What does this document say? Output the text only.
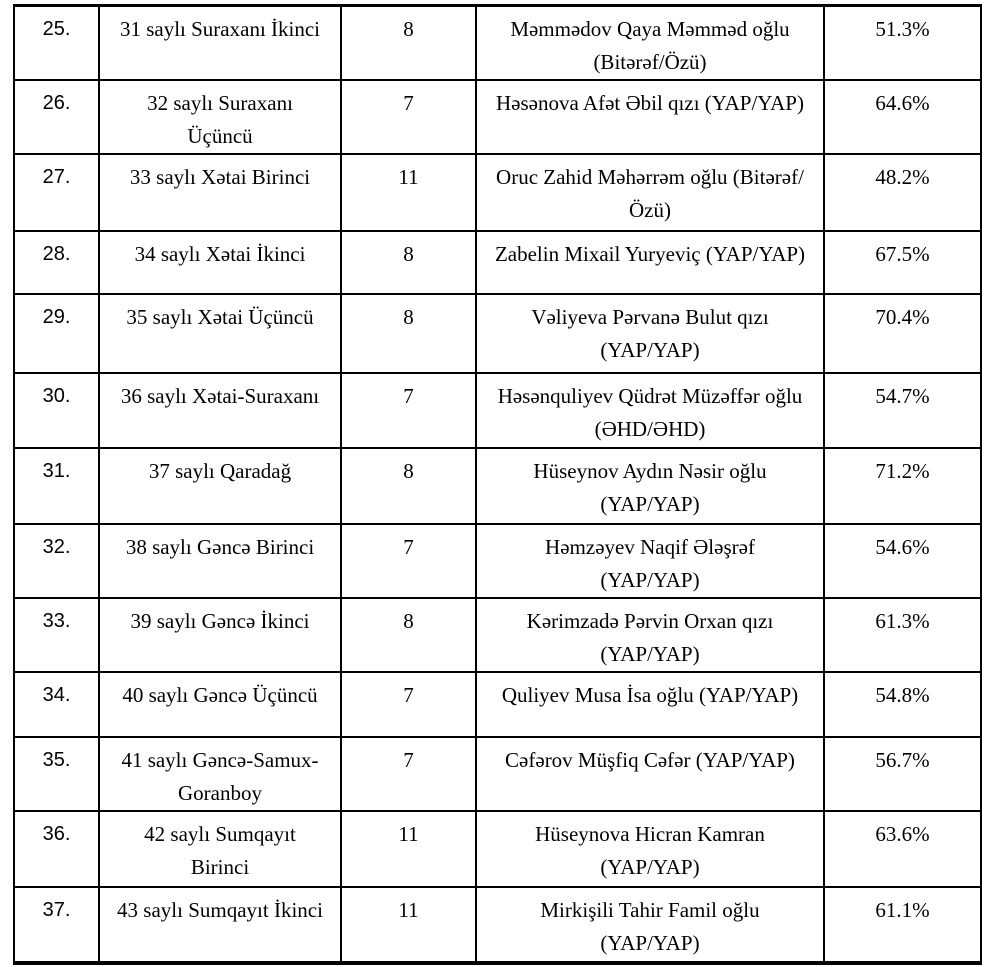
25.	31 saylı Suraxanı İkinci	8	Məmmədov Qaya Məmməd oğlu
(Bitərəf/Özü)	51.3%
26.	32 saylı Suraxanı
Üçüncü	7	Həsənova Afət Əbil qızı (YAP/YAP)	64.6%
27.	33 saylı Xətai Birinci	11	Oruc Zahid Məhərrəm oğlu (Bitərəf/
Özü)	48.2%
28.	34 saylı Xətai İkinci	8	Zabelin Mixail Yuryeviç (YAP/YAP)	67.5%
29.	35 saylı Xətai Üçüncü	8	Vəliyeva Pərvanə Bulut qızı
(YAP/YAP)	70.4%
30.	36 saylı Xətai-Suraxanı	7	Həsənquliyev Qüdrət Müzəffər oğlu
(ƏHD/ƏHD)	54.7%
31.	37 saylı Qaradağ	8	Hüseynov Aydın Nəsir oğlu
(YAP/YAP)	71.2%
32.	38 saylı Gəncə Birinci	7	Həmzəyev Naqif Ələşrəf
(YAP/YAP)	54.6%
33.	39 saylı Gəncə İkinci	8	Kərimzadə Pərvin Orxan qızı
(YAP/YAP)	61.3%
34.	40 saylı Gəncə Üçüncü	7	Quliyev Musa İsa oğlu (YAP/YAP)	54.8%
35.	41 saylı Gəncə-Samux-
Goranboy	7	Cəfərov Müşfiq Cəfər (YAP/YAP)	56.7%
36.	42 saylı Sumqayıt
Birinci
	11	Hüseynova Hicran Kamran
(YAP/YAP)
	63.6%
37.	43 saylı Sumqayıt İkinci	11	Mirkişili Tahir Famil oğlu
(YAP/YAP)	61.1%
